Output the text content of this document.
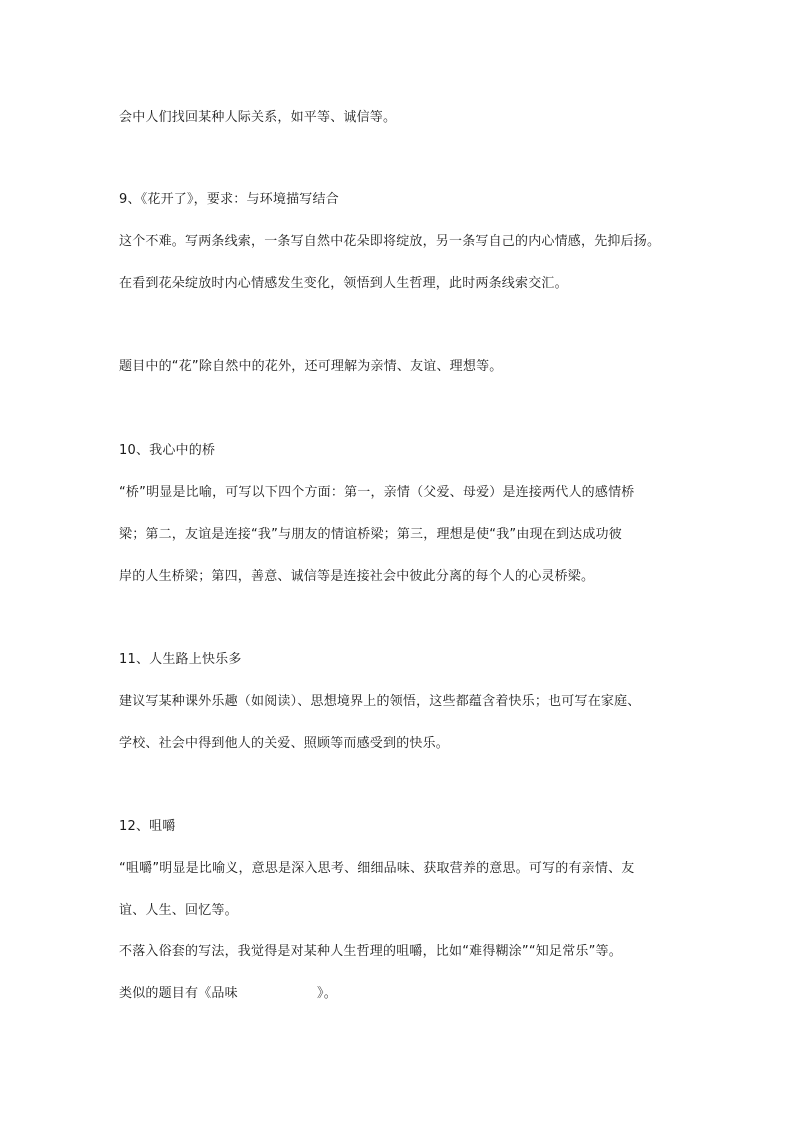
会中人们找回某种人际关系，如平等、诚信等。
9、《花开了》，要求：与环境描写结合
这个不难。写两条线索，一条写自然中花朵即将绽放，另一条写自己的内心情感，先抑后扬。
在看到花朵绽放时内心情感发生变化，领悟到人生哲理，此时两条线索交汇。
题目中的“花”除自然中的花外，还可理解为亲情、友谊、理想等。
10、我心中的桥
“桥”明显是比喻，可写以下四个方面：第一，亲情（父爱、母爱）是连接两代人的感情桥
梁；第二，友谊是连接“我”与朋友的情谊桥梁；第三，理想是使“我”由现在到达成功彼
岸的人生桥梁；第四，善意、诚信等是连接社会中彼此分离的每个人的心灵桥梁。
11、人生路上快乐多
建议写某种课外乐趣（如阅读）、思想境界上的领悟，这些都蕴含着快乐；也可写在家庭、
学校、社会中得到他人的关爱、照顾等而感受到的快乐。
12、咀嚼
“咀嚼”明显是比喻义，意思是深入思考、细细品味、获取营养的意思。可写的有亲情、友
谊、人生、回忆等。
不落入俗套的写法，我觉得是对某种人生哲理的咀嚼，比如“难得糊涂”“知足常乐”等。
类似的题目有《品味　　　　　　》。
